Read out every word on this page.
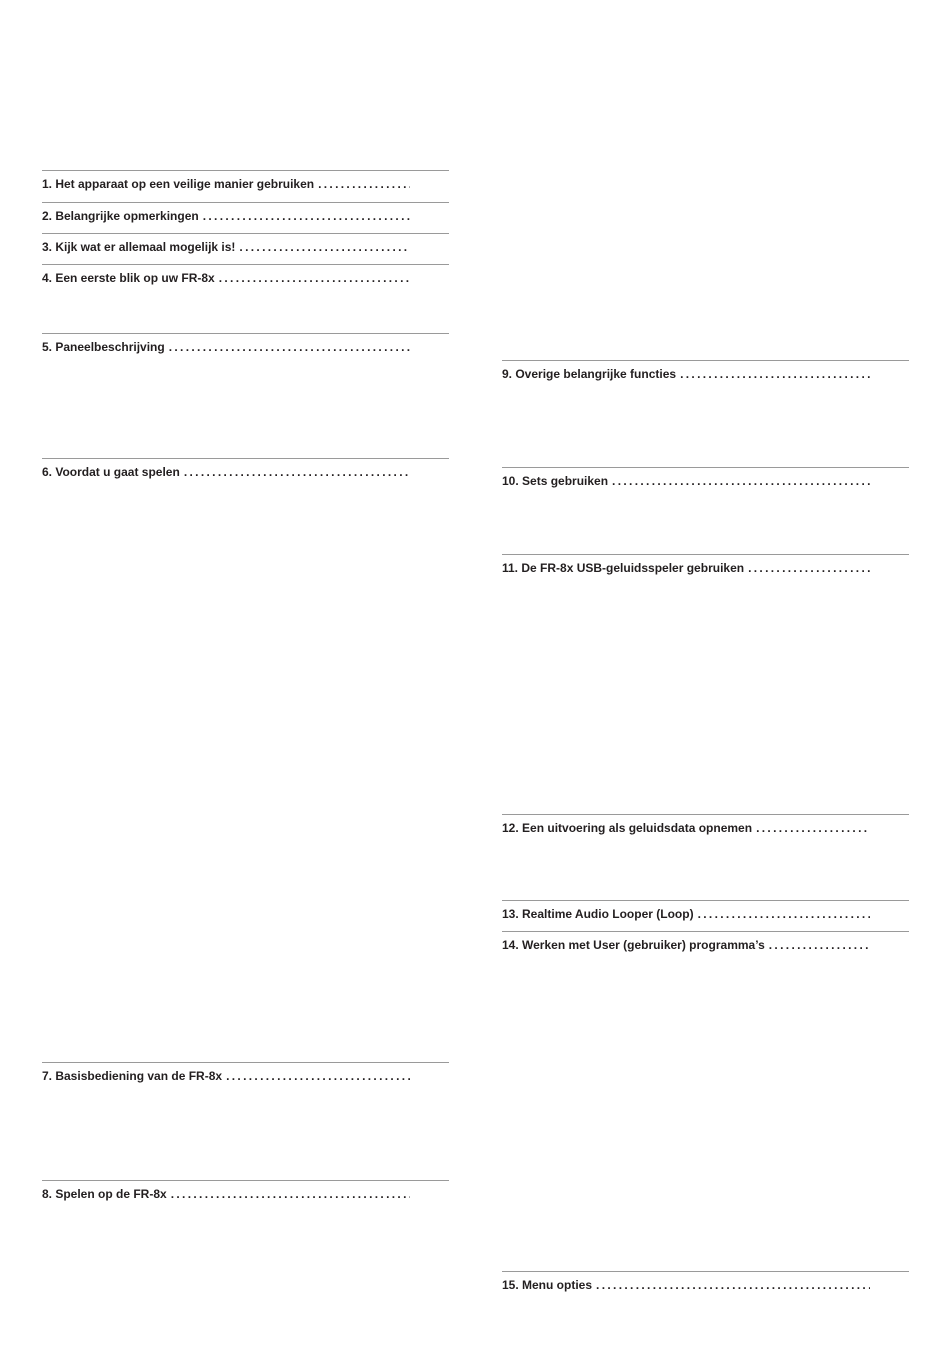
1. Het apparaat op een veilige manier gebruiken
. . .
2. Belangrijke opmerkingen
. . .
3. Kijk wat er allemaal mogelijk is!
. . .
4. Een eerste blik op uw FR-8x
. . .
5. Paneelbeschrijving
. . .
6. Voordat u gaat spelen
. . .
7. Basisbediening van de FR-8x
. . .
8. Spelen op de FR-8x
. . .
9. Overige belangrijke functies
. . .
10. Sets gebruiken
. . .
11. De FR-8x USB-geluidsspeler gebruiken
. . .
12. Een uitvoering als geluidsdata opnemen
. . .
13. Realtime Audio Looper (Loop)
. . .
14. Werken met User (gebruiker) programma’s
. . .
15. Menu opties
. . .
